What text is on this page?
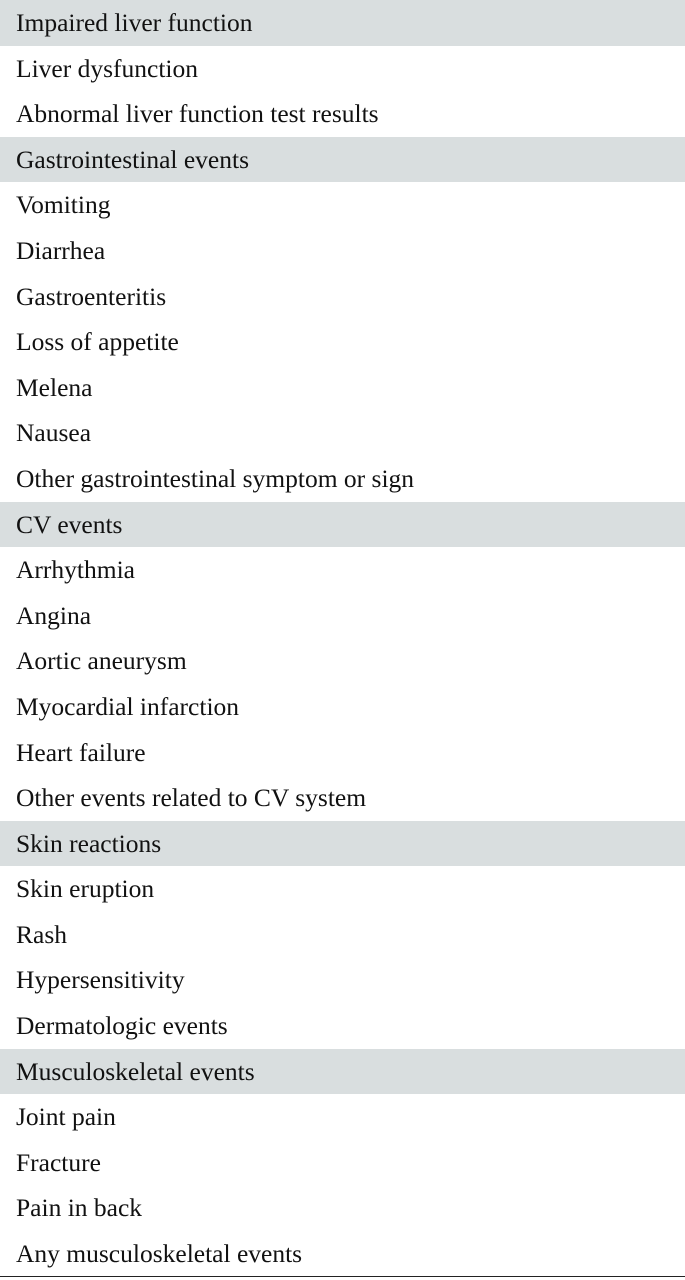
Impaired liver function
Liver dysfunction
Abnormal liver function test results
Gastrointestinal events
Vomiting
Diarrhea
Gastroenteritis
Loss of appetite
Melena
Nausea
Other gastrointestinal symptom or sign
CV events
Arrhythmia
Angina
Aortic aneurysm
Myocardial infarction
Heart failure
Other events related to CV system
Skin reactions
Skin eruption
Rash
Hypersensitivity
Dermatologic events
Musculoskeletal events
Joint pain
Fracture
Pain in back
Any musculoskeletal events
